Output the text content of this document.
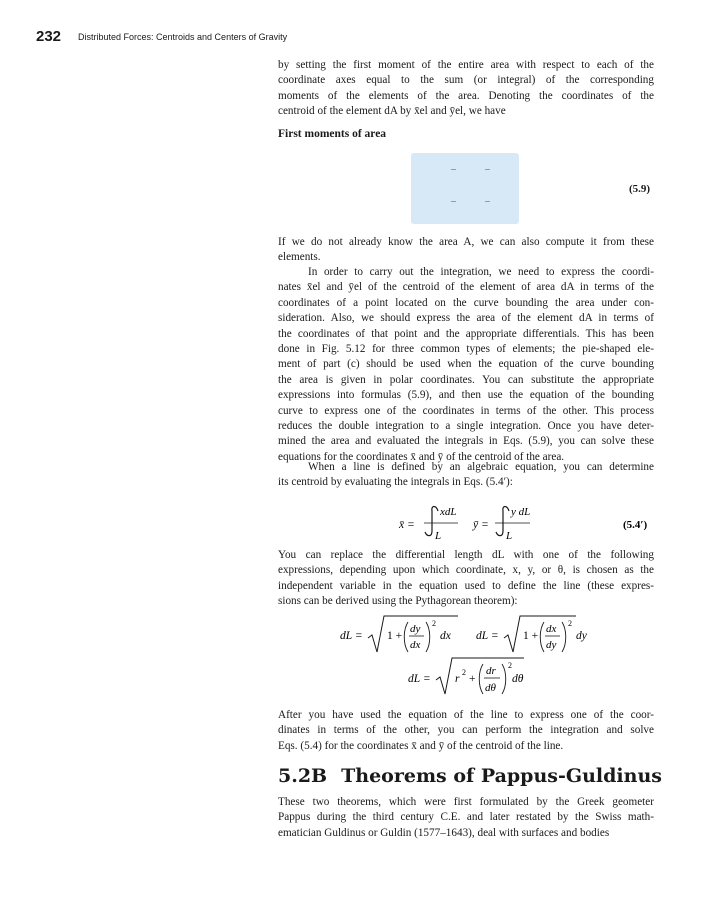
232 Distributed Forces: Centroids and Centers of Gravity
by setting the first moment of the entire area with respect to each of the
coordinate axes equal to the sum (or integral) of the corresponding
moments of the elements of the area. Denoting the coordinates of the
centroid of the element dA by x̄el and ȳel, we have
First moments of area
(5.9)
If we do not already know the area A, we can also compute it from these
elements.
In order to carry out the integration, we need to express the coordi-
nates x̄el and ȳel of the centroid of the element of area dA in terms of the
coordinates of a point located on the curve bounding the area under con-
sideration. Also, we should express the area of the element dA in terms of
the coordinates of that point and the appropriate differentials. This has been
done in Fig. 5.12 for three common types of elements; the pie-shaped ele-
ment of part (c) should be used when the equation of the curve bounding
the area is given in polar coordinates. You can substitute the appropriate
expressions into formulas (5.9), and then use the equation of the bounding
curve to express one of the coordinates in terms of the other. This process
reduces the double integration to a single integration. Once you have deter-
mined the area and evaluated the integrals in Eqs. (5.9), you can solve these
equations for the coordinates x̄ and ȳ of the centroid of the area.
When a line is defined by an algebraic equation, you can determine
its centroid by evaluating the integrals in Eqs. (5.4′):
x̄ =
xdL
L
ȳ =
y dL
L
(5.4′)
You can replace the differential length dL with one of the following
expressions, depending upon which coordinate, x, y, or θ, is chosen as the
independent variable in the equation used to define the line (these expres-
sions can be derived using the Pythagorean theorem):
dL = 1 +
dy
dx
2
dx dL = 1 +
dx
dy
2
dy
dL = r
2
+
dr
dθ
2
dθ
After you have used the equation of the line to express one of the coor-
dinates in terms of the other, you can perform the integration and solve
Eqs. (5.4) for the coordinates x̄ and ȳ of the centroid of the line.
5.2B Theorems of Pappus-Guldinus
These two theorems, which were first formulated by the Greek geometer
Pappus during the third century C.E. and later restated by the Swiss math-
ematician Guldinus or Guldin (1577–1643), deal with surfaces and bodies
